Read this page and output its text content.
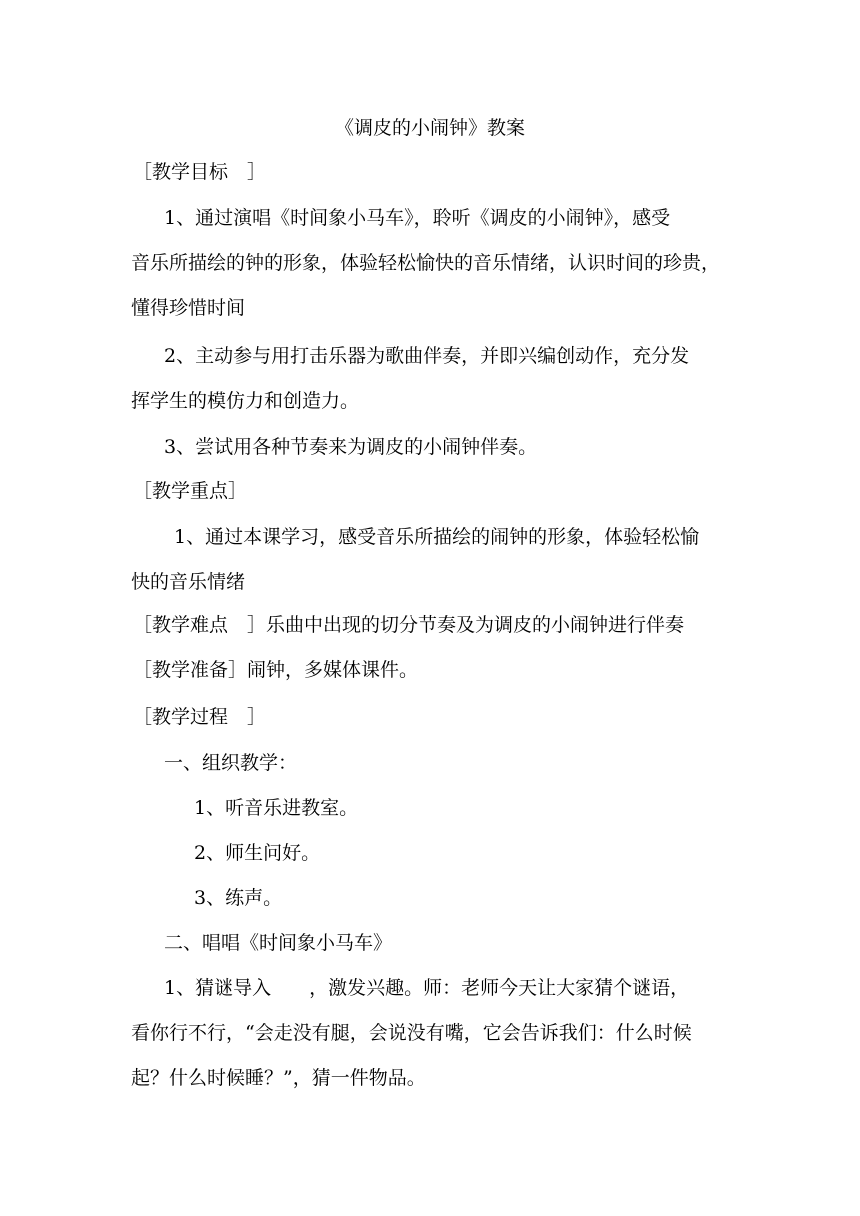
《调皮的小闹钟》教案
［教学目标　］
1、通过演唱《时间象小马车》，聆听《调皮的小闹钟》，感受
音乐所描绘的钟的形象，体验轻松愉快的音乐情绪，认识时间的珍贵，
懂得珍惜时间
2、主动参与用打击乐器为歌曲伴奏，并即兴编创动作，充分发
挥学生的模仿力和创造力。
3、尝试用各种节奏来为调皮的小闹钟伴奏。
［教学重点］
1、通过本课学习，感受音乐所描绘的闹钟的形象，体验轻松愉
快的音乐情绪
［教学难点　］乐曲中出现的切分节奏及为调皮的小闹钟进行伴奏
［教学准备］闹钟，多媒体课件。
［教学过程　］
一、组织教学：
1、听音乐进教室。
2、师生问好。
3、练声。
二、唱唱《时间象小马车》
1、猜谜导入　　，激发兴趣。师：老师今天让大家猜个谜语，
看你行不行，“会走没有腿，会说没有嘴，它会告诉我们：什么时候
起？什么时候睡？”，猜一件物品。
